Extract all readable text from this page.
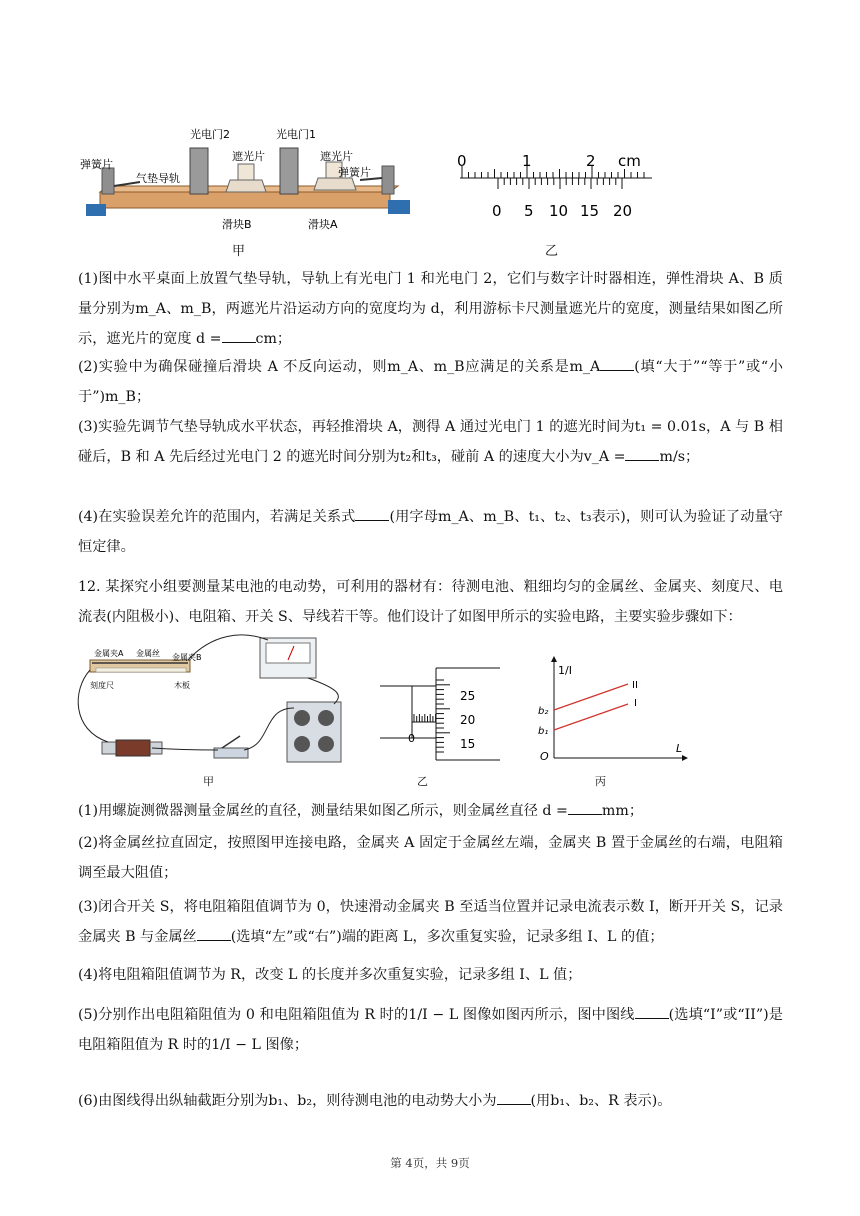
弹簧片
气垫导轨
光电门2	光电门1
遮光片	遮光片
弹簧片
滑块B	滑块A
甲
0	1	2 cm
0 5 10 15 20
乙
(1)图中水平桌面上放置气垫导轨，导轨上有光电门 1 和光电门 2，它们与数字计时器相连，弹性滑块 A、B 质量分别为m_A、m_B，两遮光片沿运动方向的宽度均为 d，利用游标卡尺测量遮光片的宽度，测量结果如图乙所示，遮光片的宽度 d = cm；
(2)实验中为确保碰撞后滑块 A 不反向运动，则m_A、m_B应满足的关系是m_A (填“大于”“等于”或“小于”)m_B；
(3)实验先调节气垫导轨成水平状态，再轻推滑块 A，测得 A 通过光电门 1 的遮光时间为t₁ = 0.01s，A 与 B 相碰后，B 和 A 先后经过光电门 2 的遮光时间分别为t₂和t₃，碰前 A 的速度大小为v_A = m/s；
(4)在实验误差允许的范围内，若满足关系式 (用字母m_A、m_B、t₁、t₂、t₃表示)，则可认为验证了动量守恒定律。
12. 某探究小组要测量某电池的电动势，可利用的器材有：待测电池、粗细均匀的金属丝、金属夹、刻度尺、电流表(内阻极小)、电阻箱、开关 S、导线若干等。他们设计了如图甲所示的实验电路，主要实验步骤如下：
金属夹A 金属丝 金属夹B
刻度尺	木板
甲
0
25
20
15
乙
1/I
L
O
b₂
b₁
II
I
丙
(1)用螺旋测微器测量金属丝的直径，测量结果如图乙所示，则金属丝直径 d = mm；
(2)将金属丝拉直固定，按照图甲连接电路，金属夹 A 固定于金属丝左端，金属夹 B 置于金属丝的右端，电阻箱调至最大阻值；
(3)闭合开关 S，将电阻箱阻值调节为 0，快速滑动金属夹 B 至适当位置并记录电流表示数 I，断开开关 S，记录金属夹 B 与金属丝 (选填“左”或“右”)端的距离 L，多次重复实验，记录多组 I、L 的值；
(4)将电阻箱阻值调节为 R，改变 L 的长度并多次重复实验，记录多组 I、L 值；
(5)分别作出电阻箱阻值为 0 和电阻箱阻值为 R 时的1/I − L 图像如图丙所示，图中图线 (选填“I”或“II”)是电阻箱阻值为 R 时的1/I − L 图像；
(6)由图线得出纵轴截距分别为b₁、b₂，则待测电池的电动势大小为 (用b₁、b₂、R 表示)。
第 4页，共 9页
